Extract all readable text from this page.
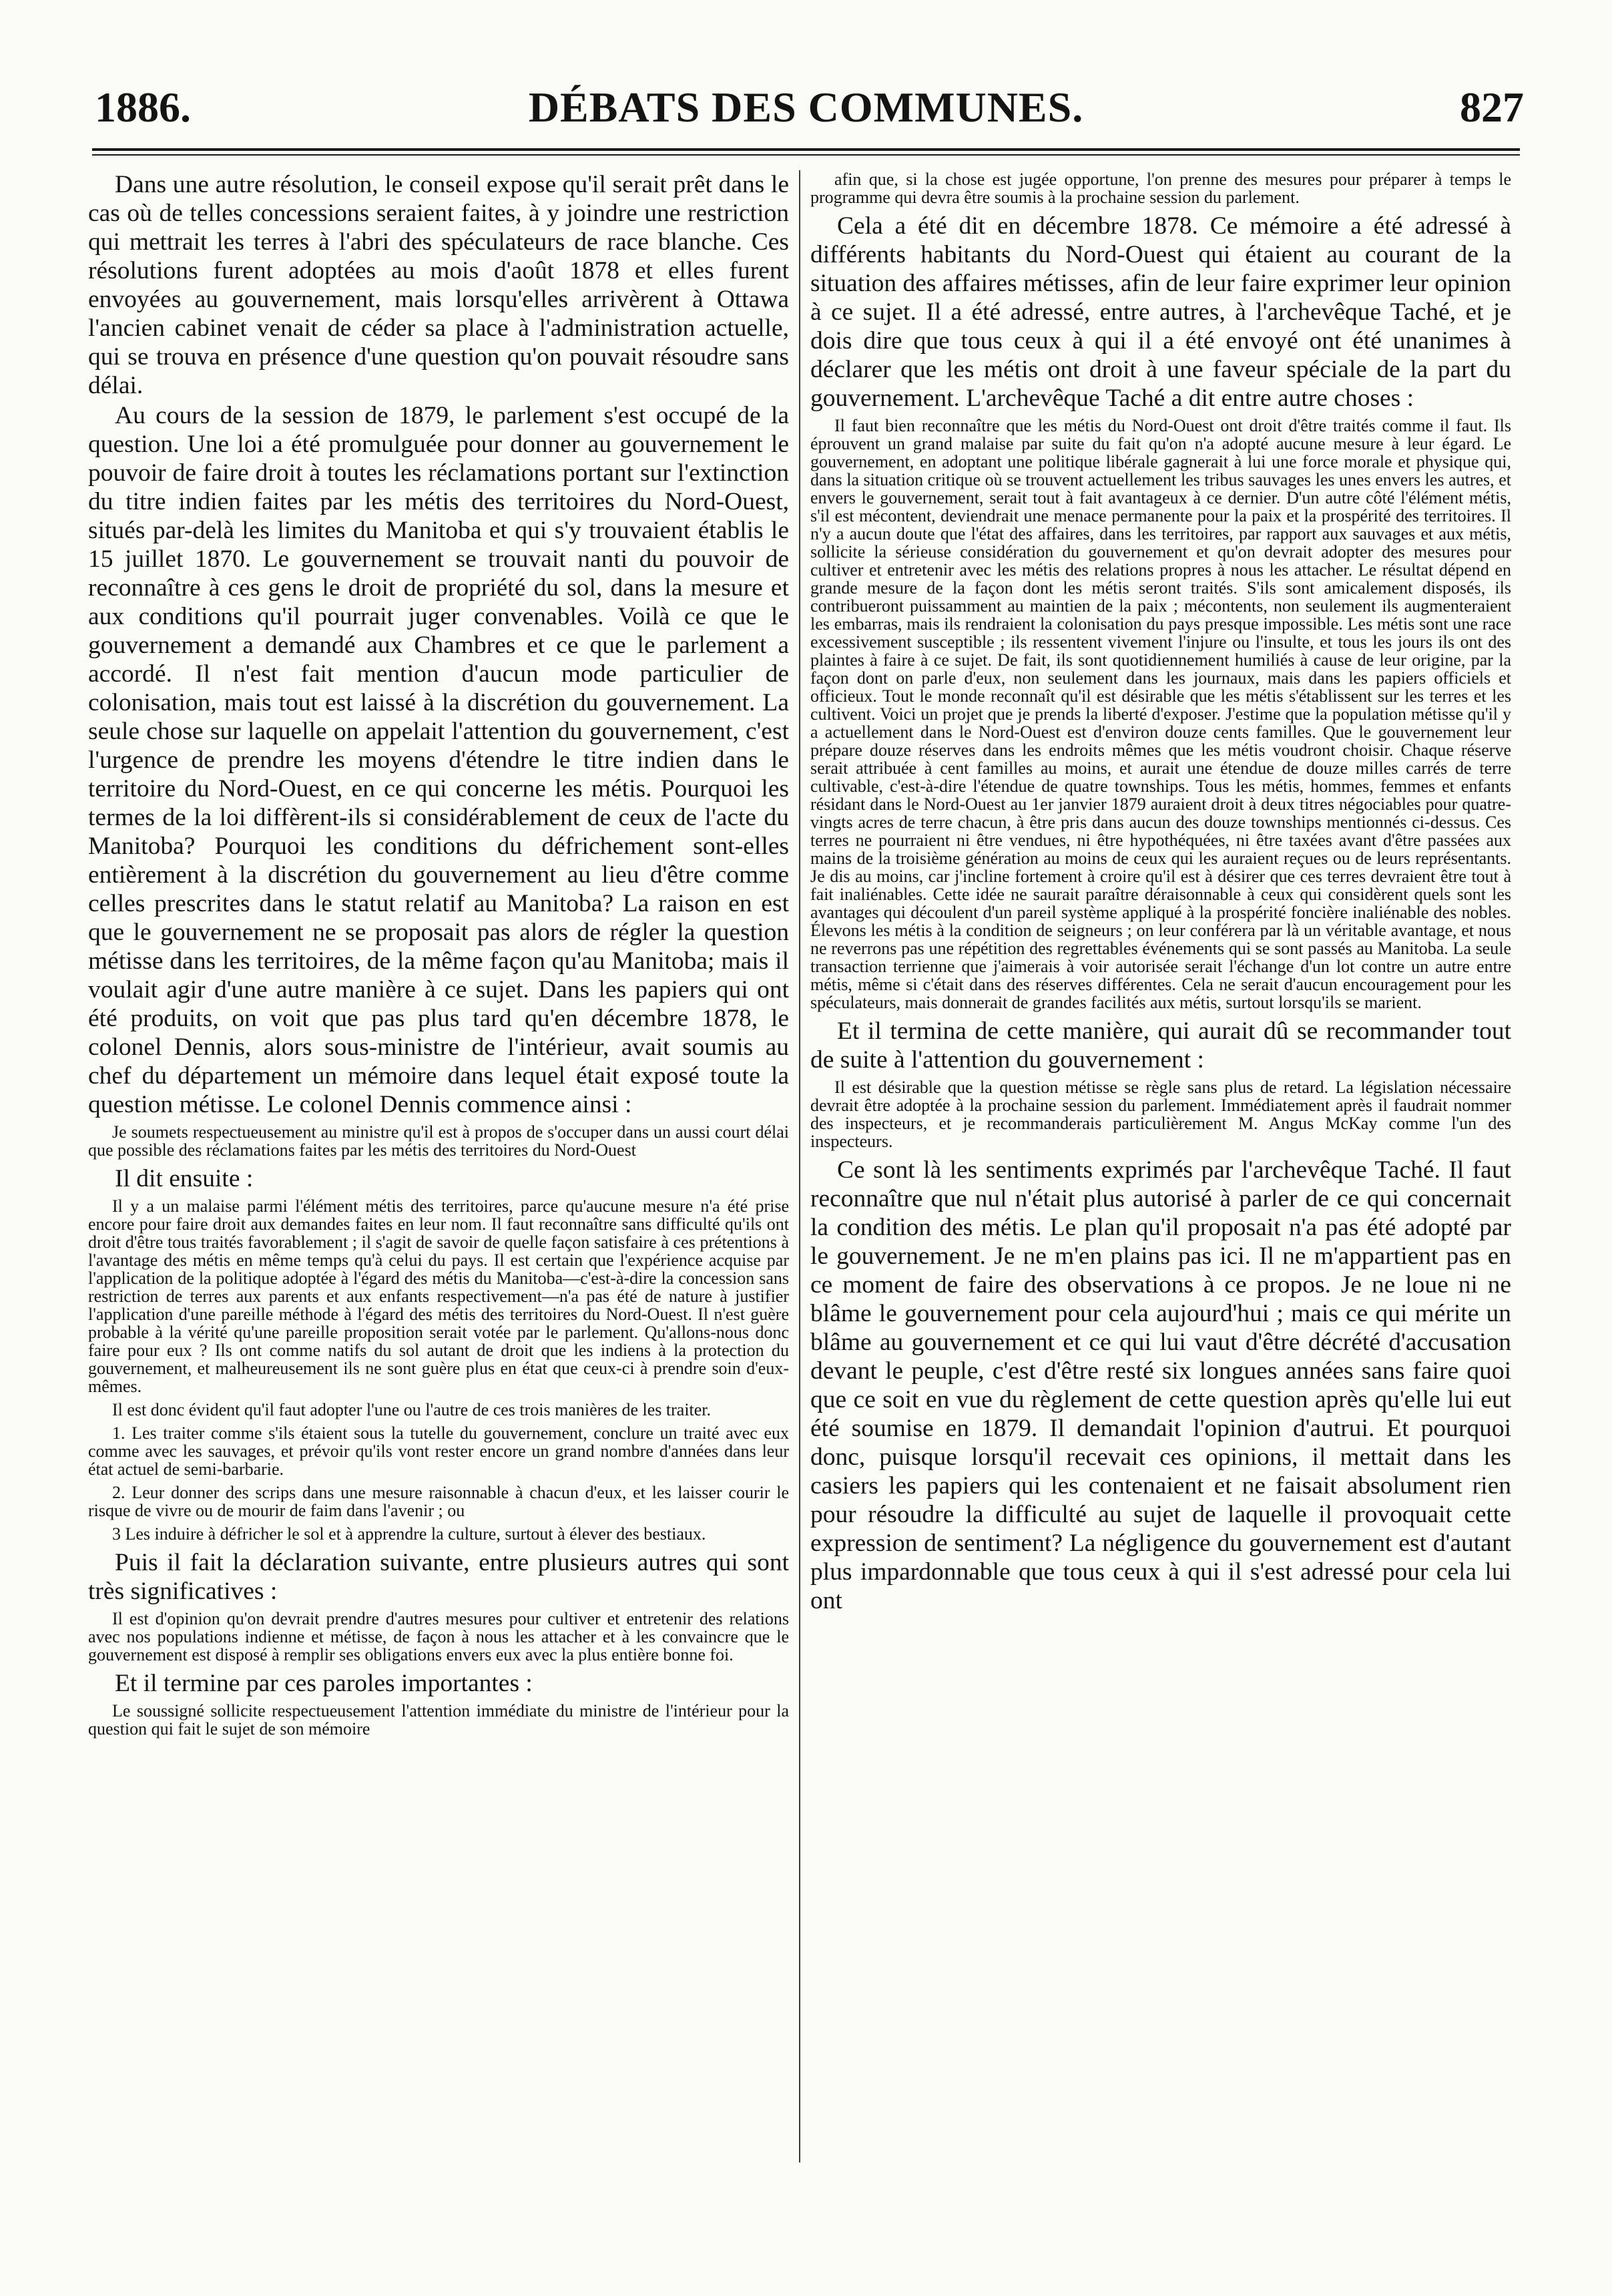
1886.	DÉBATS DES COMMUNES.	827

Dans une autre résolution, le conseil expose qu'il serait prêt dans le cas où de telles concessions seraient faites, à y joindre une restriction qui mettrait les terres à l'abri des spéculateurs de race blanche. Ces résolutions furent adoptées au mois d'août 1878 et elles furent envoyées au gouvernement, mais lorsqu'elles arrivèrent à Ottawa l'ancien cabinet venait de céder sa place à l'administration actuelle, qui se trouva en présence d'une question qu'on pouvait résoudre sans délai.

Au cours de la session de 1879, le parlement s'est occupé de la question. Une loi a été promulguée pour donner au gouvernement le pouvoir de faire droit à toutes les réclamations portant sur l'extinction du titre indien faites par les métis des territoires du Nord-Ouest, situés par-delà les limites du Manitoba et qui s'y trouvaient établis le 15 juillet 1870. Le gouvernement se trouvait nanti du pouvoir de reconnaître à ces gens le droit de propriété du sol, dans la mesure et aux conditions qu'il pourrait juger convenables. Voilà ce que le gouvernement a demandé aux Chambres et ce que le parlement a accordé. Il n'est fait mention d'aucun mode particulier de colonisation, mais tout est laissé à la discrétion du gouvernement. La seule chose sur laquelle on appelait l'attention du gouvernement, c'est l'urgence de prendre les moyens d'étendre le titre indien dans le territoire du Nord-Ouest, en ce qui concerne les métis. Pourquoi les termes de la loi diffèrent-ils si considérablement de ceux de l'acte du Manitoba? Pourquoi les conditions du défrichement sont-elles entièrement à la discrétion du gouvernement au lieu d'être comme celles prescrites dans le statut relatif au Manitoba? La raison en est que le gouvernement ne se proposait pas alors de régler la question métisse dans les territoires, de la même façon qu'au Manitoba; mais il voulait agir d'une autre manière à ce sujet. Dans les papiers qui ont été produits, on voit que pas plus tard qu'en décembre 1878, le colonel Dennis, alors sous-ministre de l'intérieur, avait soumis au chef du département un mémoire dans lequel était exposé toute la question métisse. Le colonel Dennis commence ainsi :

Je soumets respectueusement au ministre qu'il est à propos de s'occuper dans un aussi court délai que possible des réclamations faites par les métis des territoires du Nord-Ouest

Il dit ensuite :

Il y a un malaise parmi l'élément métis des territoires, parce qu'aucune mesure n'a été prise encore pour faire droit aux demandes faites en leur nom. Il faut reconnaître sans difficulté qu'ils ont droit d'être tous traités favorablement ; il s'agit de savoir de quelle façon satisfaire à ces prétentions à l'avantage des métis en même temps qu'à celui du pays. Il est certain que l'expérience acquise par l'application de la politique adoptée à l'égard des métis du Manitoba—c'est-à-dire la concession sans restriction de terres aux parents et aux enfants respectivement—n'a pas été de nature à justifier l'application d'une pareille méthode à l'égard des métis des territoires du Nord-Ouest. Il n'est guère probable à la vérité qu'une pareille proposition serait votée par le parlement. Qu'allons-nous donc faire pour eux ? Ils ont comme natifs du sol autant de droit que les indiens à la protection du gouvernement, et malheureusement ils ne sont guère plus en état que ceux-ci à prendre soin d'eux-mêmes.

Il est donc évident qu'il faut adopter l'une ou l'autre de ces trois manières de les traiter.

1. Les traiter comme s'ils étaient sous la tutelle du gouvernement, conclure un traité avec eux comme avec les sauvages, et prévoir qu'ils vont rester encore un grand nombre d'années dans leur état actuel de semi-barbarie.

2. Leur donner des scrips dans une mesure raisonnable à chacun d'eux, et les laisser courir le risque de vivre ou de mourir de faim dans l'avenir ; ou

3 Les induire à défricher le sol et à apprendre la culture, surtout à élever des bestiaux.

Puis il fait la déclaration suivante, entre plusieurs autres qui sont très significatives :

Il est d'opinion qu'on devrait prendre d'autres mesures pour cultiver et entretenir des relations avec nos populations indienne et métisse, de façon à nous les attacher et à les convaincre que le gouvernement est disposé à remplir ses obligations envers eux avec la plus entière bonne foi.

Et il termine par ces paroles importantes :

Le soussigné sollicite respectueusement l'attention immédiate du ministre de l'intérieur pour la question qui fait le sujet de son mémoire

afin que, si la chose est jugée opportune, l'on prenne des mesures pour préparer à temps le programme qui devra être soumis à la prochaine session du parlement.

Cela a été dit en décembre 1878. Ce mémoire a été adressé à différents habitants du Nord-Ouest qui étaient au courant de la situation des affaires métisses, afin de leur faire exprimer leur opinion à ce sujet. Il a été adressé, entre autres, à l'archevêque Taché, et je dois dire que tous ceux à qui il a été envoyé ont été unanimes à déclarer que les métis ont droit à une faveur spéciale de la part du gouvernement. L'archevêque Taché a dit entre autre choses :

Il faut bien reconnaître que les métis du Nord-Ouest ont droit d'être traités comme il faut. Ils éprouvent un grand malaise par suite du fait qu'on n'a adopté aucune mesure à leur égard. Le gouvernement, en adoptant une politique libérale gagnerait à lui une force morale et physique qui, dans la situation critique où se trouvent actuellement les tribus sauvages les unes envers les autres, et envers le gouvernement, serait tout à fait avantageux à ce dernier. D'un autre côté l'élément métis, s'il est mécontent, deviendrait une menace permanente pour la paix et la prospérité des territoires. Il n'y a aucun doute que l'état des affaires, dans les territoires, par rapport aux sauvages et aux métis, sollicite la sérieuse considération du gouvernement et qu'on devrait adopter des mesures pour cultiver et entretenir avec les métis des relations propres à nous les attacher. Le résultat dépend en grande mesure de la façon dont les métis seront traités. S'ils sont amicalement disposés, ils contribueront puissamment au maintien de la paix ; mécontents, non seulement ils augmenteraient les embarras, mais ils rendraient la colonisation du pays presque impossible. Les métis sont une race excessivement susceptible ; ils ressentent vivement l'injure ou l'insulte, et tous les jours ils ont des plaintes à faire à ce sujet. De fait, ils sont quotidiennement humiliés à cause de leur origine, par la façon dont on parle d'eux, non seulement dans les journaux, mais dans les papiers officiels et officieux. Tout le monde reconnaît qu'il est désirable que les métis s'établissent sur les terres et les cultivent. Voici un projet que je prends la liberté d'exposer. J'estime que la population métisse qu'il y a actuellement dans le Nord-Ouest est d'environ douze cents familles. Que le gouvernement leur prépare douze réserves dans les endroits mêmes que les métis voudront choisir. Chaque réserve serait attribuée à cent familles au moins, et aurait une étendue de douze milles carrés de terre cultivable, c'est-à-dire l'étendue de quatre townships. Tous les métis, hommes, femmes et enfants résidant dans le Nord-Ouest au 1er janvier 1879 auraient droit à deux titres négociables pour quatre-vingts acres de terre chacun, à être pris dans aucun des douze townships mentionnés ci-dessus. Ces terres ne pourraient ni être vendues, ni être hypothéquées, ni être taxées avant d'être passées aux mains de la troisième génération au moins de ceux qui les auraient reçues ou de leurs représentants. Je dis au moins, car j'incline fortement à croire qu'il est à désirer que ces terres devraient être tout à fait inaliénables. Cette idée ne saurait paraître déraisonnable à ceux qui considèrent quels sont les avantages qui découlent d'un pareil système appliqué à la prospérité foncière inaliénable des nobles. Élevons les métis à la condition de seigneurs ; on leur conférera par là un véritable avantage, et nous ne reverrons pas une répétition des regrettables événements qui se sont passés au Manitoba. La seule transaction terrienne que j'aimerais à voir autorisée serait l'échange d'un lot contre un autre entre métis, même si c'était dans des réserves différentes. Cela ne serait d'aucun encouragement pour les spéculateurs, mais donnerait de grandes facilités aux métis, surtout lorsqu'ils se marient.

Et il termina de cette manière, qui aurait dû se recommander tout de suite à l'attention du gouvernement :

Il est désirable que la question métisse se règle sans plus de retard. La législation nécessaire devrait être adoptée à la prochaine session du parlement. Immédiatement après il faudrait nommer des inspecteurs, et je recommanderais particulièrement M. Angus McKay comme l'un des inspecteurs.

Ce sont là les sentiments exprimés par l'archevêque Taché. Il faut reconnaître que nul n'était plus autorisé à parler de ce qui concernait la condition des métis. Le plan qu'il proposait n'a pas été adopté par le gouvernement. Je ne m'en plains pas ici. Il ne m'appartient pas en ce moment de faire des observations à ce propos. Je ne loue ni ne blâme le gouvernement pour cela aujourd'hui ; mais ce qui mérite un blâme au gouvernement et ce qui lui vaut d'être décrété d'accusation devant le peuple, c'est d'être resté six longues années sans faire quoi que ce soit en vue du règlement de cette question après qu'elle lui eut été soumise en 1879. Il demandait l'opinion d'autrui. Et pourquoi donc, puisque lorsqu'il recevait ces opinions, il mettait dans les casiers les papiers qui les contenaient et ne faisait absolument rien pour résoudre la difficulté au sujet de laquelle il provoquait cette expression de sentiment? La négligence du gouvernement est d'autant plus impardonnable que tous ceux à qui il s'est adressé pour cela lui ont
